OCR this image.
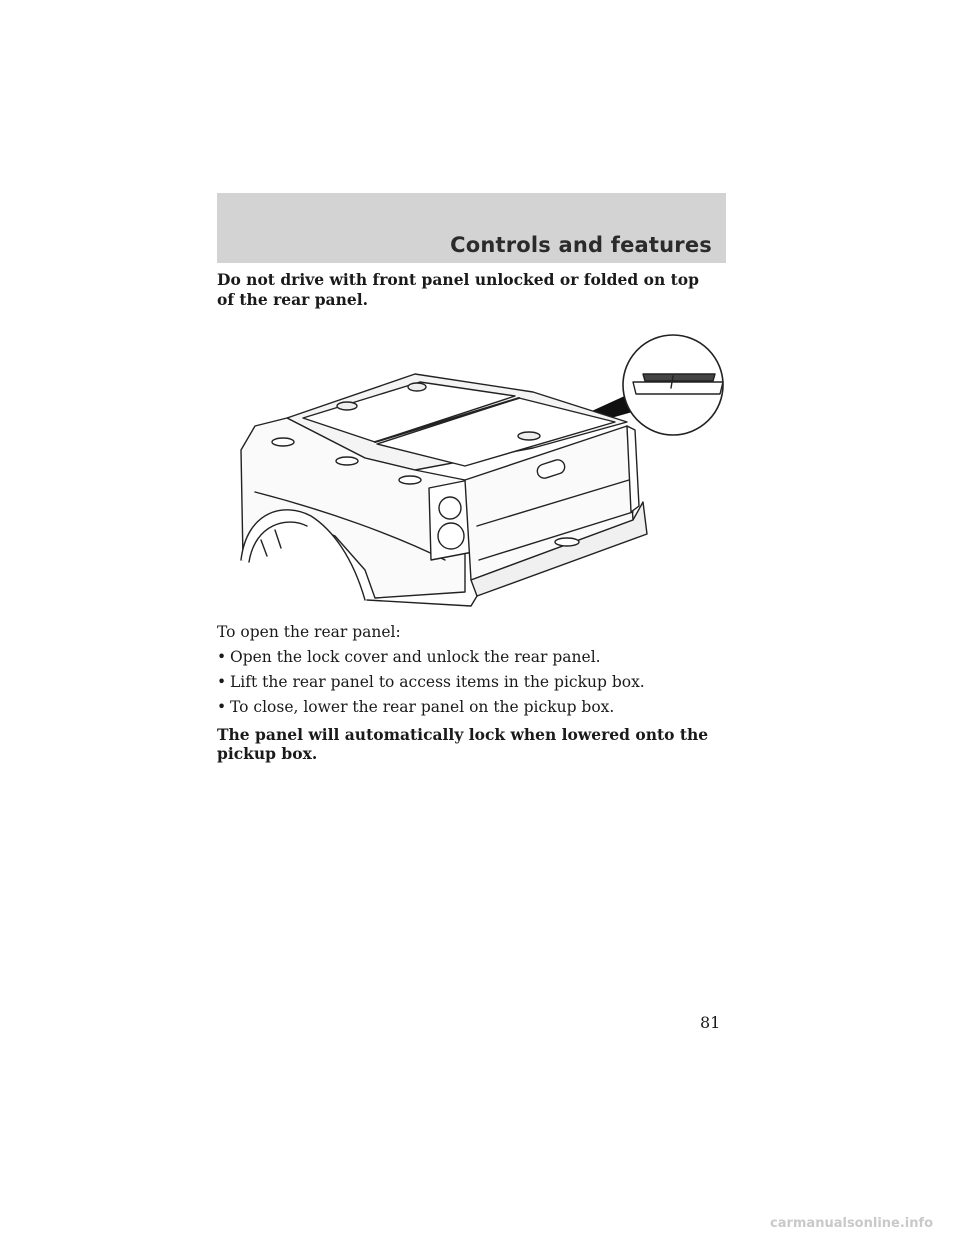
Controls and features

Do not drive with front panel unlocked or folded on top of the rear panel.

To open the rear panel:

• Open the lock cover and unlock the rear panel.
• Lift the rear panel to access items in the pickup box.
• To close, lower the rear panel on the pickup box.

The panel will automatically lock when lowered onto the pickup box.

81
carmanualsonline.info
